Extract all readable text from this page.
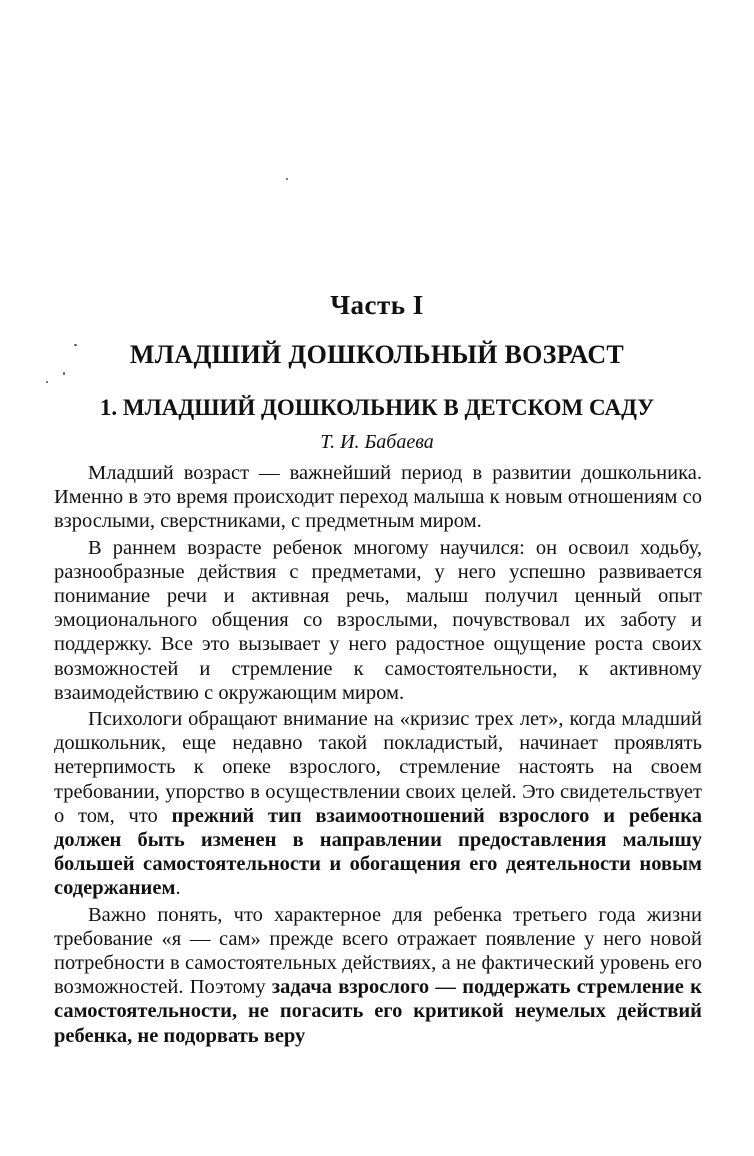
Часть I
МЛАДШИЙ ДОШКОЛЬНЫЙ ВОЗРАСТ
1. МЛАДШИЙ ДОШКОЛЬНИК В ДЕТСКОМ САДУ
Т. И. Бабаева

Младший возраст — важнейший период в развитии дошкольника. Именно в это время происходит переход малыша к новым отношениям со взрослыми, сверстниками, с предметным миром.

В раннем возрасте ребенок многому научился: он освоил ходьбу, разнообразные действия с предметами, у него успешно развивается понимание речи и активная речь, малыш получил ценный опыт эмоционального общения со взрослыми, почувствовал их заботу и поддержку. Все это вызывает у него радостное ощущение роста своих возможностей и стремление к самостоятельности, к активному взаимодействию с окружающим миром.

Психологи обращают внимание на «кризис трех лет», когда младший дошкольник, еще недавно такой покладистый, начинает проявлять нетерпимость к опеке взрослого, стремление настоять на своем требовании, упорство в осуществлении своих целей. Это свидетельствует о том, что прежний тип взаимоотношений взрослого и ребенка должен быть изменен в направлении предоставления малышу большей самостоятельности и обогащения его деятельности новым содержанием.

Важно понять, что характерное для ребенка третьего года жизни требование «я — сам» прежде всего отражает появление у него новой потребности в самостоятельных действиях, а не фактический уровень его возможностей. Поэтому задача взрослого — поддержать стремление к самостоятельности, не погасить его критикой неумелых действий ребенка, не подорвать веру
